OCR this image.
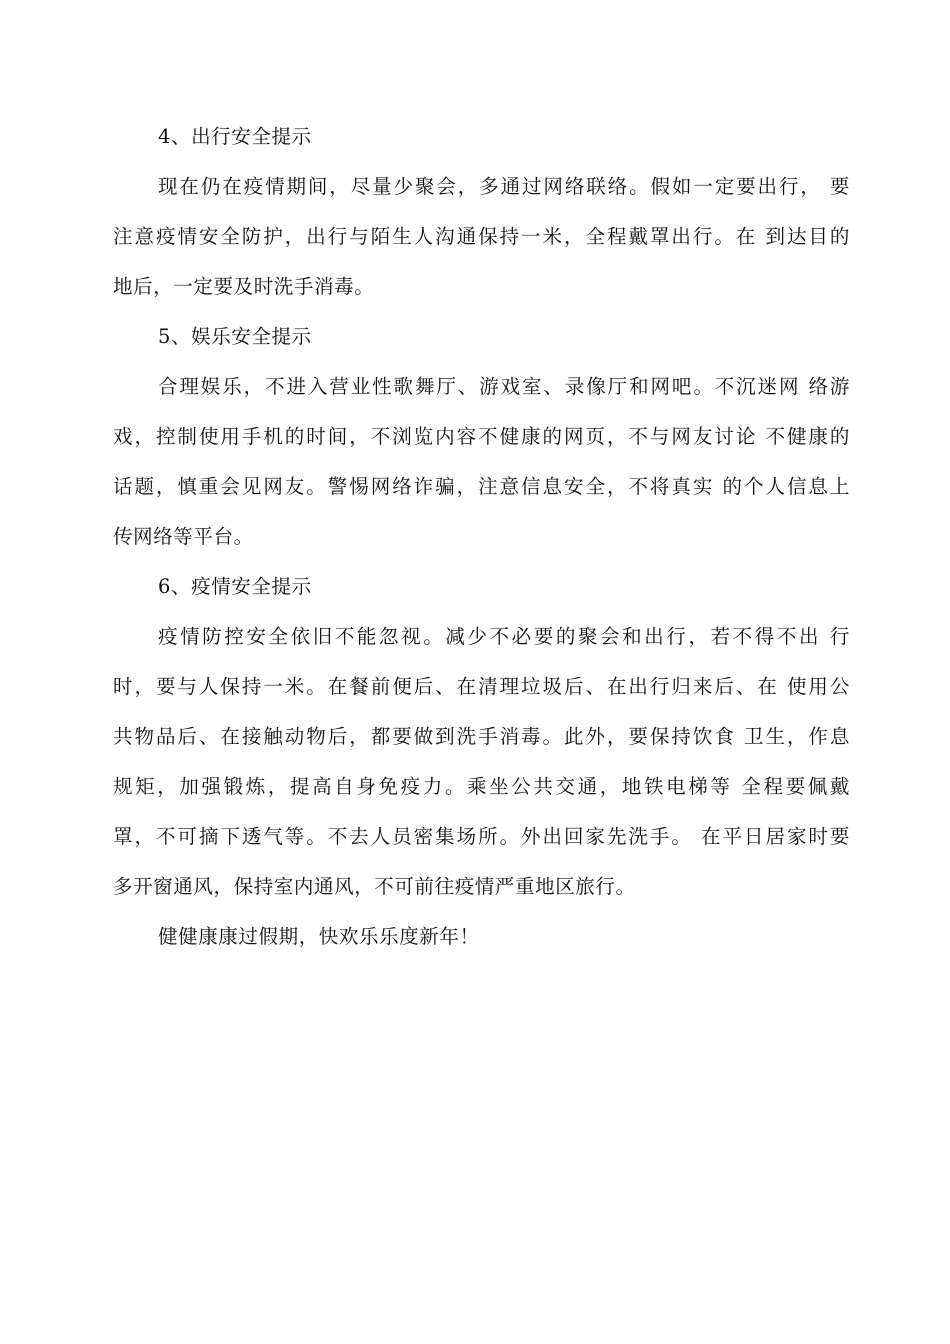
4、出行安全提示
现在仍在疫情期间，尽量少聚会，多通过网络联络。假如一定要出行， 要
注意疫情安全防护，出行与陌生人沟通保持一米，全程戴罩出行。在 到达目的
地后，一定要及时洗手消毒。
5、娱乐安全提示
合理娱乐，不进入营业性歌舞厅、游戏室、录像厅和网吧。不沉迷网 络游
戏，控制使用手机的时间，不浏览内容不健康的网页，不与网友讨论 不健康的
话题，慎重会见网友。警惕网络诈骗，注意信息安全，不将真实 的个人信息上
传网络等平台。
6、疫情安全提示
疫情防控安全依旧不能忽视。减少不必要的聚会和出行，若不得不出 行
时，要与人保持一米。在餐前便后、在清理垃圾后、在出行归来后、在 使用公
共物品后、在接触动物后，都要做到洗手消毒。此外，要保持饮食 卫生，作息
规矩，加强锻炼，提高自身免疫力。乘坐公共交通，地铁电梯等 全程要佩戴
罩，不可摘下透气等。不去人员密集场所。外出回家先洗手。 在平日居家时要
多开窗通风，保持室内通风，不可前往疫情严重地区旅行。
健健康康过假期，快欢乐乐度新年！
